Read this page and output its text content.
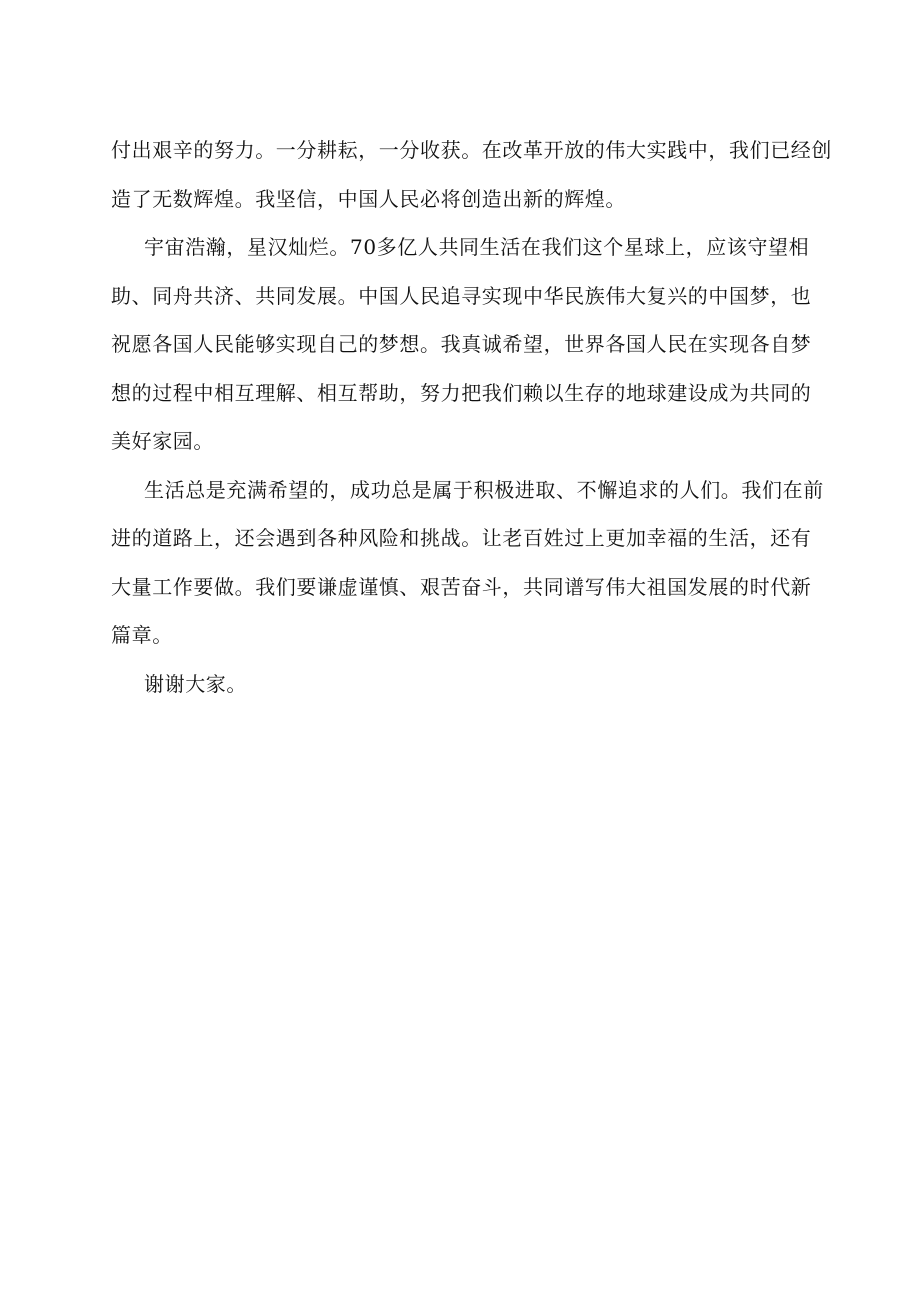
付出艰辛的努力。一分耕耘，一分收获。在改革开放的伟大实践中，我们已经创

造了无数辉煌。我坚信，中国人民必将创造出新的辉煌。

宇宙浩瀚，星汉灿烂。70多亿人共同生活在我们这个星球上，应该守望相

助、同舟共济、共同发展。中国人民追寻实现中华民族伟大复兴的中国梦，也

祝愿各国人民能够实现自己的梦想。我真诚希望，世界各国人民在实现各自梦

想的过程中相互理解、相互帮助，努力把我们赖以生存的地球建设成为共同的

美好家园。

生活总是充满希望的，成功总是属于积极进取、不懈追求的人们。我们在前

进的道路上，还会遇到各种风险和挑战。让老百姓过上更加幸福的生活，还有

大量工作要做。我们要谦虚谨慎、艰苦奋斗，共同谱写伟大祖国发展的时代新

篇章。

谢谢大家。
